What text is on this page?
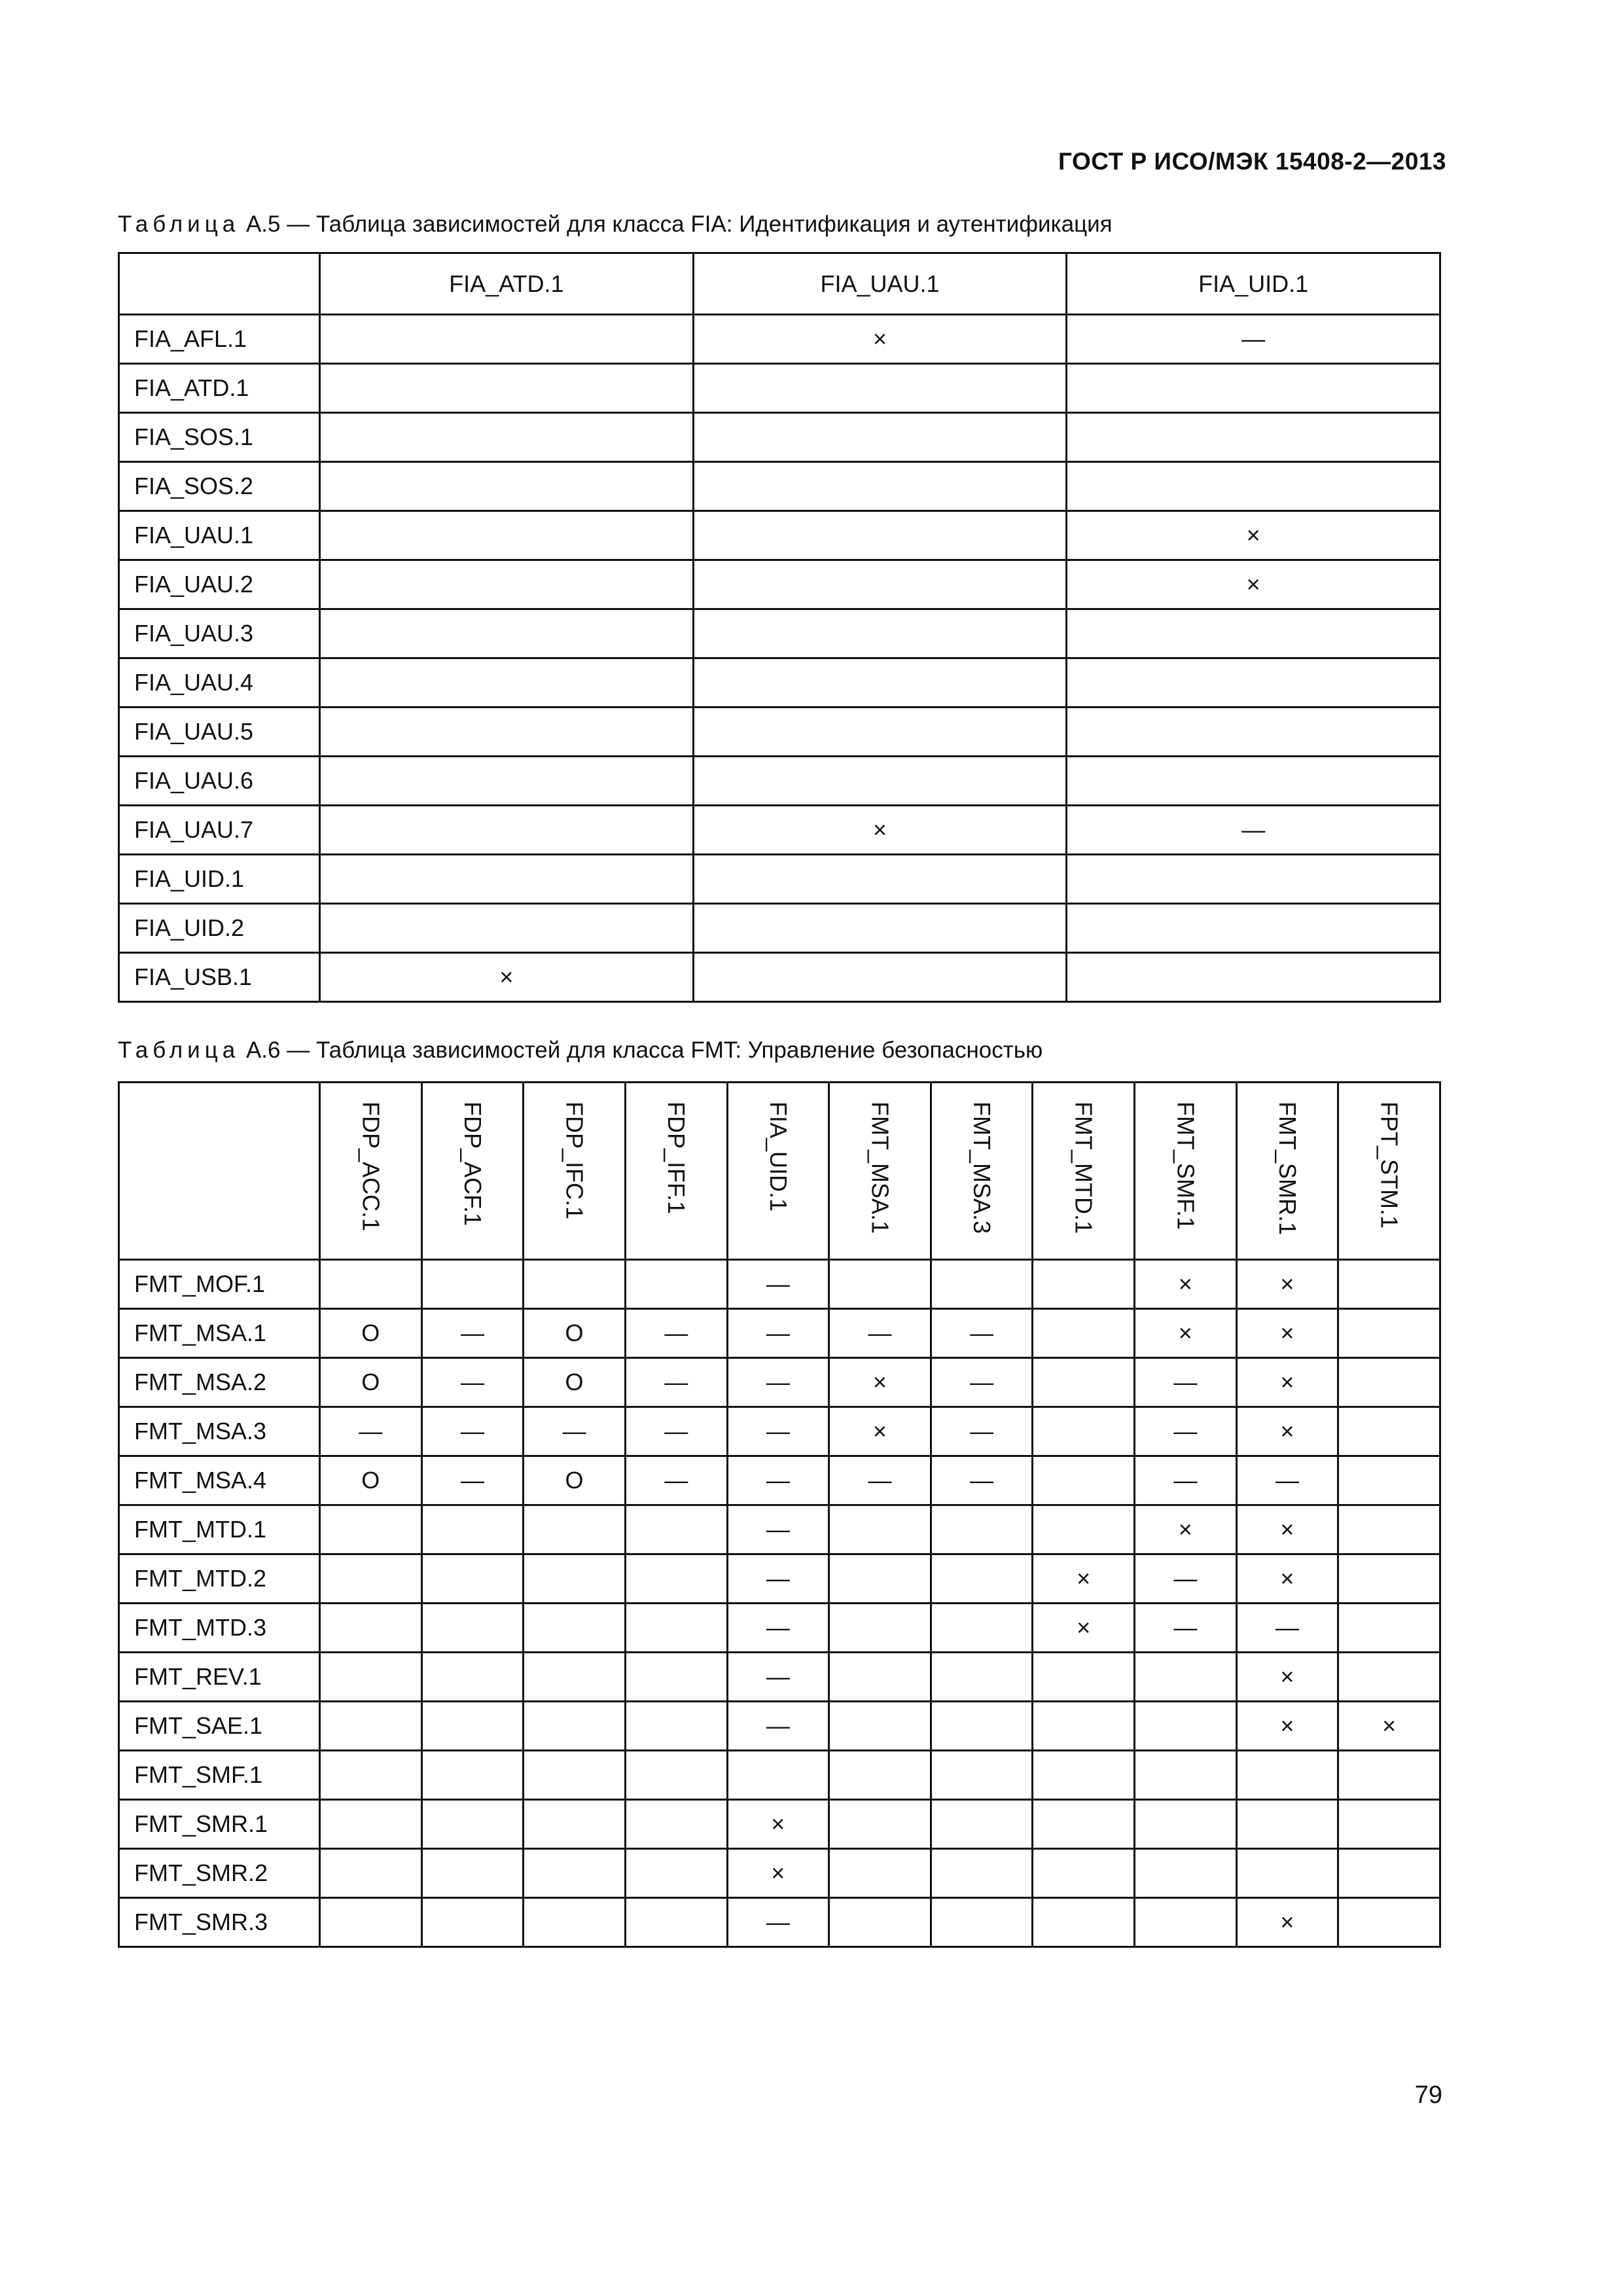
ГОСТ Р ИСО/МЭК 15408-2—2013
Таблица А.5 — Таблица зависимостей для класса FIA: Идентификация и аутентификация
	FIA_ATD.1	FIA_UAU.1	FIA_UID.1
FIA_AFL.1		×	—
FIA_ATD.1			
FIA_SOS.1			
FIA_SOS.2			
FIA_UAU.1			×
FIA_UAU.2			×
FIA_UAU.3			
FIA_UAU.4			
FIA_UAU.5			
FIA_UAU.6			
FIA_UAU.7		×	—
FIA_UID.1			
FIA_UID.2			
FIA_USB.1	×		
Таблица А.6 — Таблица зависимостей для класса FMT: Управление безопасностью
	FDP_ACC.1	FDP_ACF.1	FDP_IFC.1	FDP_IFF.1	FIA_UID.1	FMT_MSA.1	FMT_MSA.3	FMT_MTD.1	FMT_SMF.1	FMT_SMR.1	FPT_STM.1
FMT_MOF.1					—				×	×	
FMT_MSA.1	О	—	О	—	—	—	—		×	×	
FMT_MSA.2	О	—	О	—	—	×	—		—	×	
FMT_MSA.3	—	—	—	—	—	×	—		—	×	
FMT_MSA.4	О	—	О	—	—	—	—		—	—	
FMT_MTD.1					—				×	×	
FMT_MTD.2					—			×	—	×	
FMT_MTD.3					—			×	—	—	
FMT_REV.1					—					×	
FMT_SAE.1					—					×	×
FMT_SMF.1											
FMT_SMR.1					×						
FMT_SMR.2					×						
FMT_SMR.3					—					×	
79
